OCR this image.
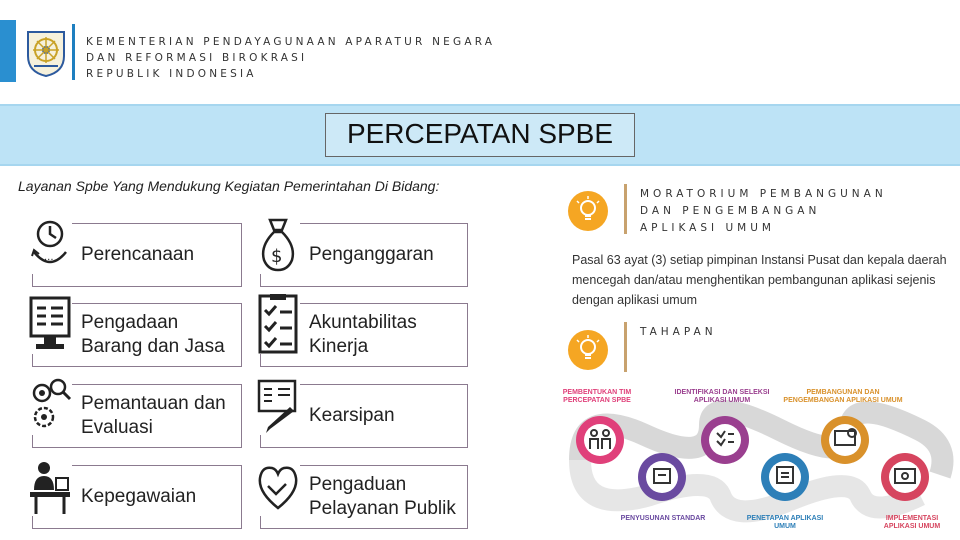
KEMENTERIAN PENDAYAGUNAAN APARATUR NEGARA
DAN REFORMASI BIROKRASI
REPUBLIK INDONESIA
PERCEPATAN SPBE
Layanan Spbe Yang Mendukung Kegiatan Pemerintahan Di Bidang:
Perencanaan	Penganggaran
Pengadaan Barang dan Jasa
Akuntabilitas Kinerja
Pemantauan dan Evaluasi
Kearsipan
Kepegawaian
Pengaduan Pelayanan Publik
...	$
MORATORIUM PEMBANGUNAN
DAN PENGEMBANGAN
APLIKASI UMUM
Pasal 63 ayat (3) setiap pimpinan Instansi Pusat dan kepala daerah mencegah dan/atau menghentikan pembangunan aplikasi sejenis dengan aplikasi umum
TAHAPAN
PEMBENTUKAN TIM PERCEPATAN SPBE
PENYUSUNAN STANDAR
IDENTIFIKASI DAN SELEKSI APLIKASI UMUM
PENETAPAN APLIKASI UMUM
PEMBANGUNAN DAN PENGEMBANGAN APLIKASI UMUM
IMPLEMENTASI APLIKASI UMUM
